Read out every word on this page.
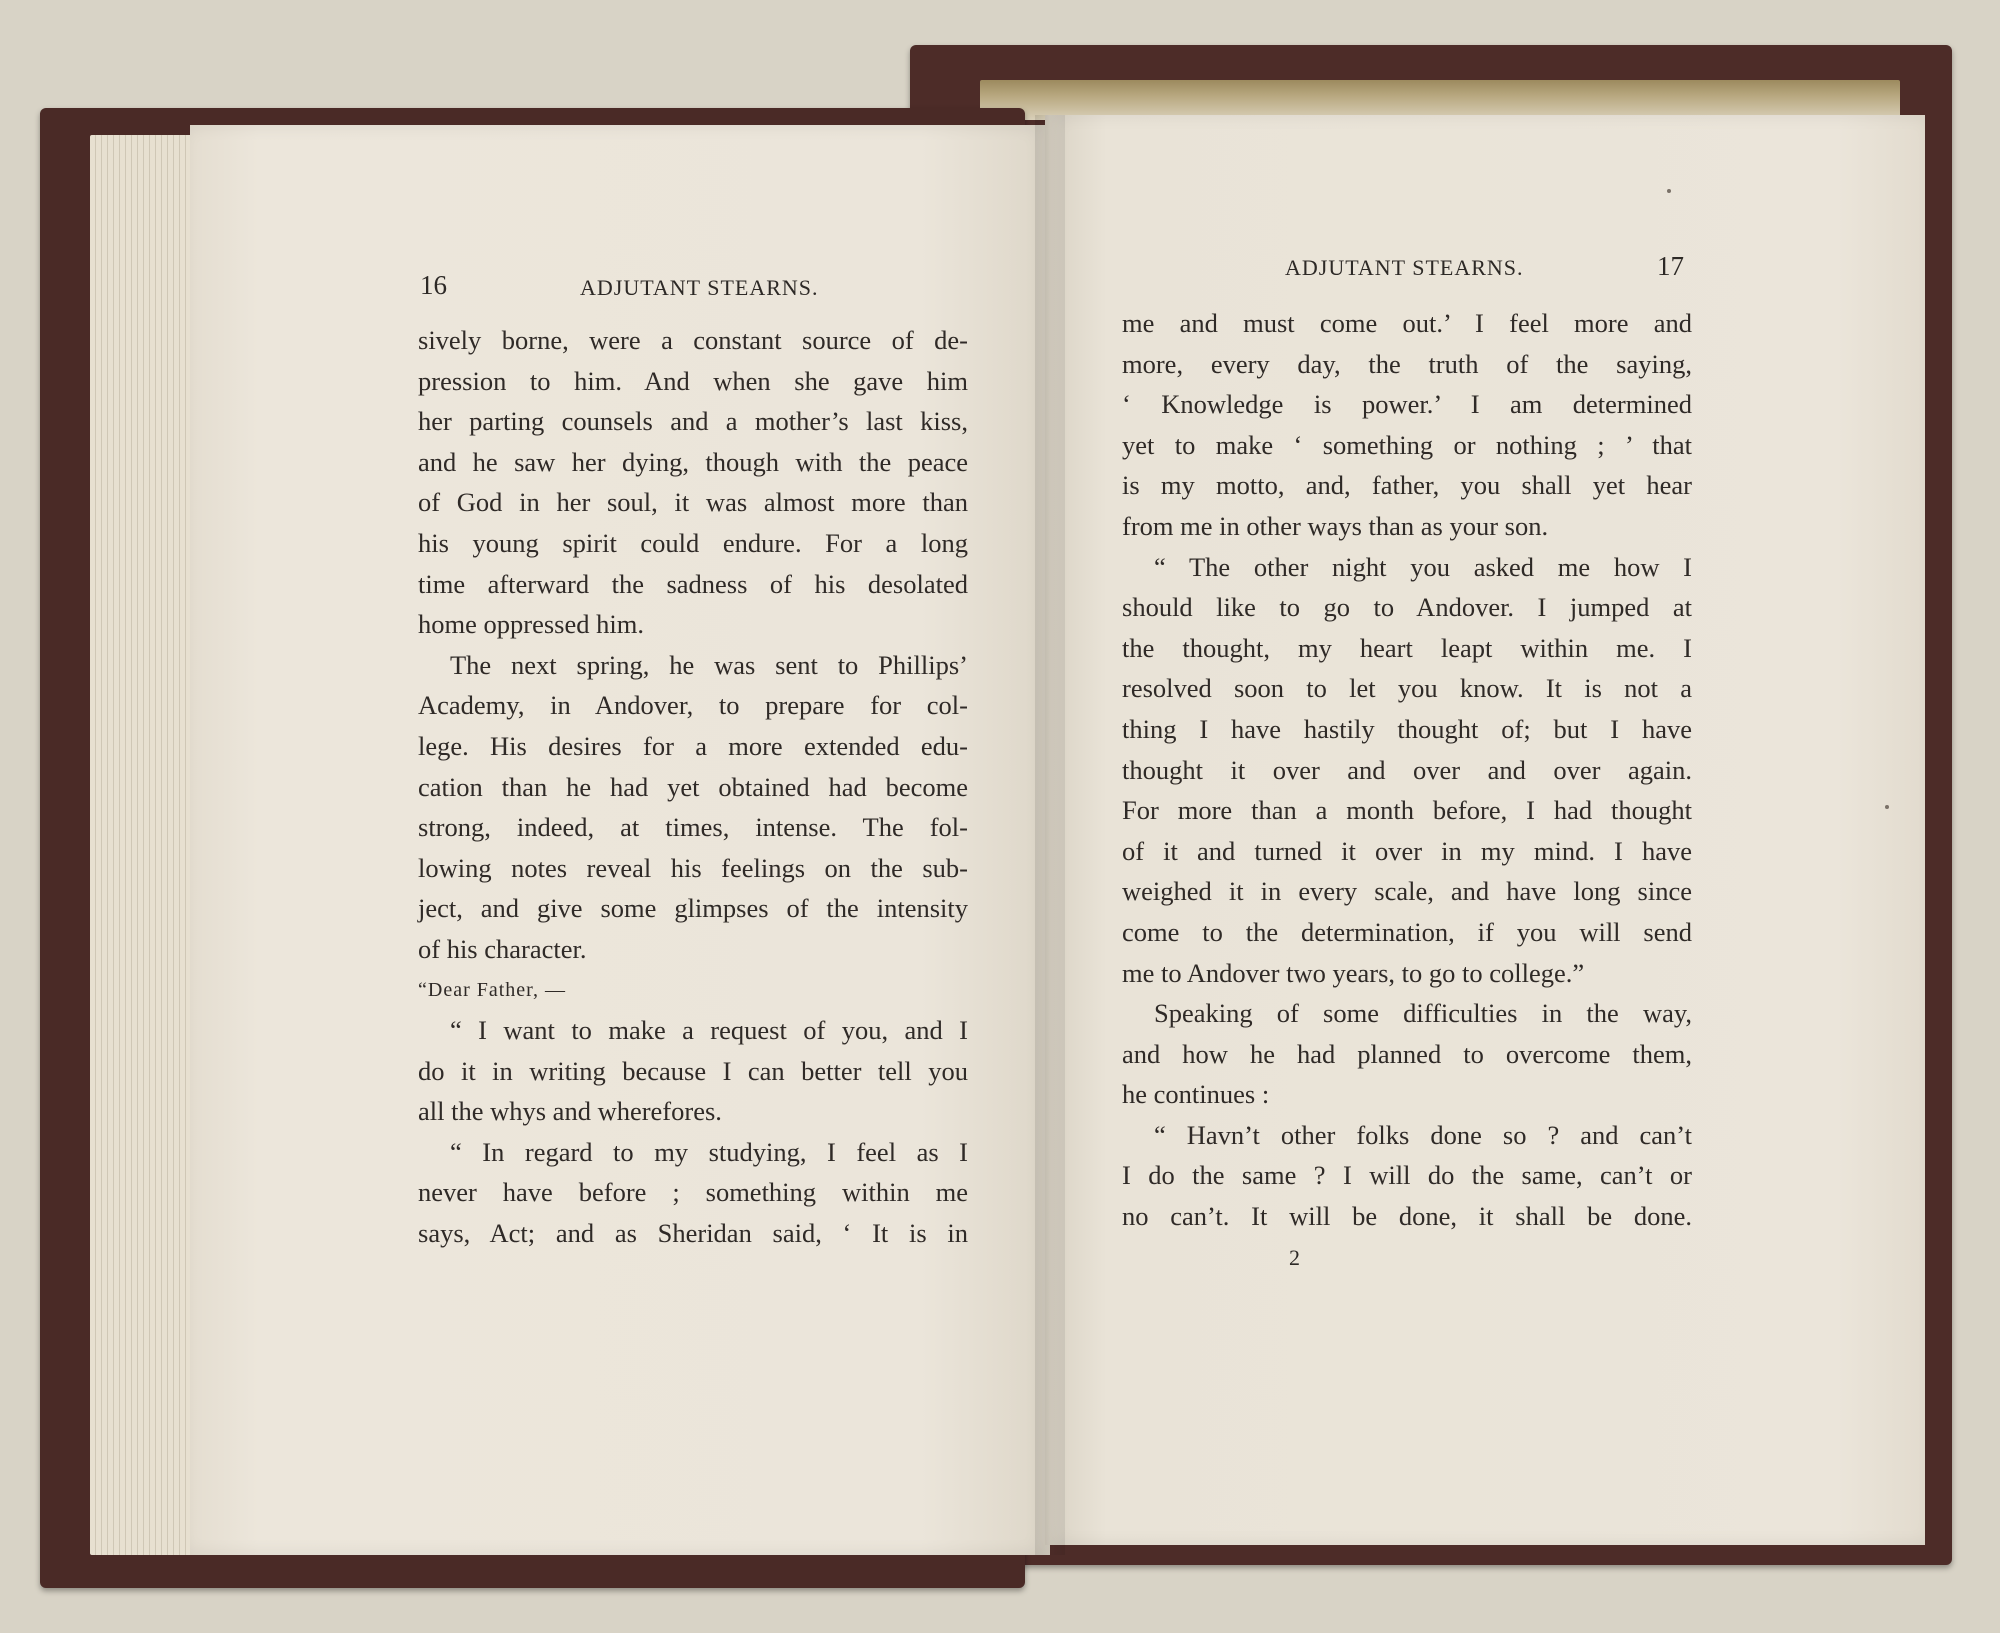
16	ADJUTANT STEARNS.
sively borne, were a constant source of de-
pression to him. And when she gave him
her parting counsels and a mother’s last kiss,
and he saw her dying, though with the peace
of God in her soul, it was almost more than
his young spirit could endure. For a long
time afterward the sadness of his desolated
home oppressed him.
The next spring, he was sent to Phillips’
Academy, in Andover, to prepare for col-
lege. His desires for a more extended edu-
cation than he had yet obtained had become
strong, indeed, at times, intense. The fol-
lowing notes reveal his feelings on the sub-
ject, and give some glimpses of the intensity
of his character.
“Dear Father, —
“ I want to make a request of you, and I
do it in writing because I can better tell you
all the whys and wherefores.
“ In regard to my studying, I feel as I
never have before ; something within me
says, Act; and as Sheridan said, ‘ It is in
ADJUTANT STEARNS.	17
me and must come out.’ I feel more and
more, every day, the truth of the saying,
‘ Knowledge is power.’ I am determined
yet to make ‘ something or nothing ; ’ that
is my motto, and, father, you shall yet hear
from me in other ways than as your son.
“ The other night you asked me how I
should like to go to Andover. I jumped at
the thought, my heart leapt within me. I
resolved soon to let you know. It is not a
thing I have hastily thought of; but I have
thought it over and over and over again.
For more than a month before, I had thought
of it and turned it over in my mind. I have
weighed it in every scale, and have long since
come to the determination, if you will send
me to Andover two years, to go to college.”
Speaking of some difficulties in the way,
and how he had planned to overcome them,
he continues :
“ Havn’t other folks done so ? and can’t
I do the same ? I will do the same, can’t or
no can’t. It will be done, it shall be done.
2
